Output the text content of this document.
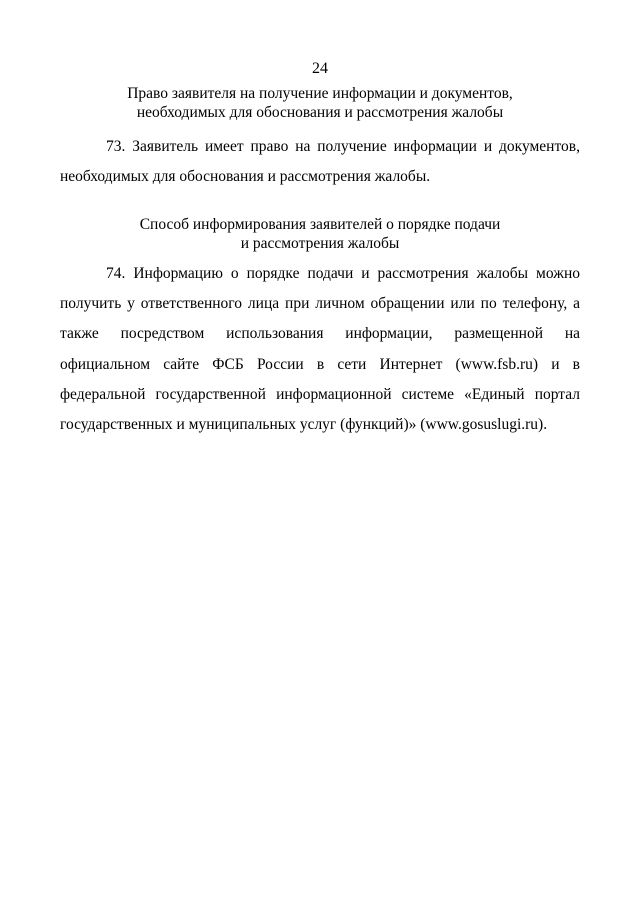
24
Право заявителя на получение информации и документов,
необходимых для обоснования и рассмотрения жалобы
73. Заявитель имеет право на получение информации и документов,
необходимых для обоснования и рассмотрения жалобы.
Способ информирования заявителей о порядке подачи
и рассмотрения жалобы
74. Информацию о порядке подачи и рассмотрения жалобы можно
получить у ответственного лица при личном обращении или по телефону, а
также посредством использования информации, размещенной на
официальном сайте ФСБ России в сети Интернет (www.fsb.ru) и в
федеральной государственной информационной системе «Единый портал
государственных и муниципальных услуг (функций)» (www.gosuslugi.ru).
